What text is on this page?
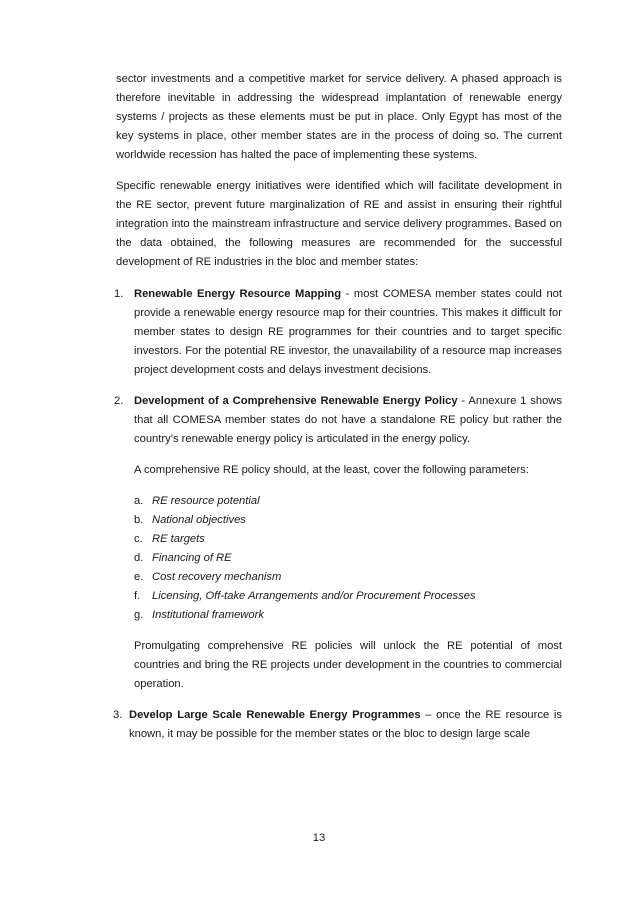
sector investments and a competitive market for service delivery. A phased approach is therefore inevitable in addressing the widespread implantation of renewable energy systems / projects as these elements must be put in place. Only Egypt has most of the key systems in place, other member states are in the process of doing so. The current worldwide recession has halted the pace of implementing these systems.

Specific renewable energy initiatives were identified which will facilitate development in the RE sector, prevent future marginalization of RE and assist in ensuring their rightful integration into the mainstream infrastructure and service delivery programmes. Based on the data obtained, the following measures are recommended for the successful development of RE industries in the bloc and member states:

1. Renewable Energy Resource Mapping - most COMESA member states could not provide a renewable energy resource map for their countries. This makes it difficult for member states to design RE programmes for their countries and to target specific investors. For the potential RE investor, the unavailability of a resource map increases project development costs and delays investment decisions.

2. Development of a Comprehensive Renewable Energy Policy - Annexure 1 shows that all COMESA member states do not have a standalone RE policy but rather the country’s renewable energy policy is articulated in the energy policy.

A comprehensive RE policy should, at the least, cover the following parameters:

a. RE resource potential
b. National objectives
c. RE targets
d. Financing of RE
e. Cost recovery mechanism
f. Licensing, Off-take Arrangements and/or Procurement Processes
g. Institutional framework

Promulgating comprehensive RE policies will unlock the RE potential of most countries and bring the RE projects under development in the countries to commercial operation.

3. Develop Large Scale Renewable Energy Programmes – once the RE resource is known, it may be possible for the member states or the bloc to design large scale

13
